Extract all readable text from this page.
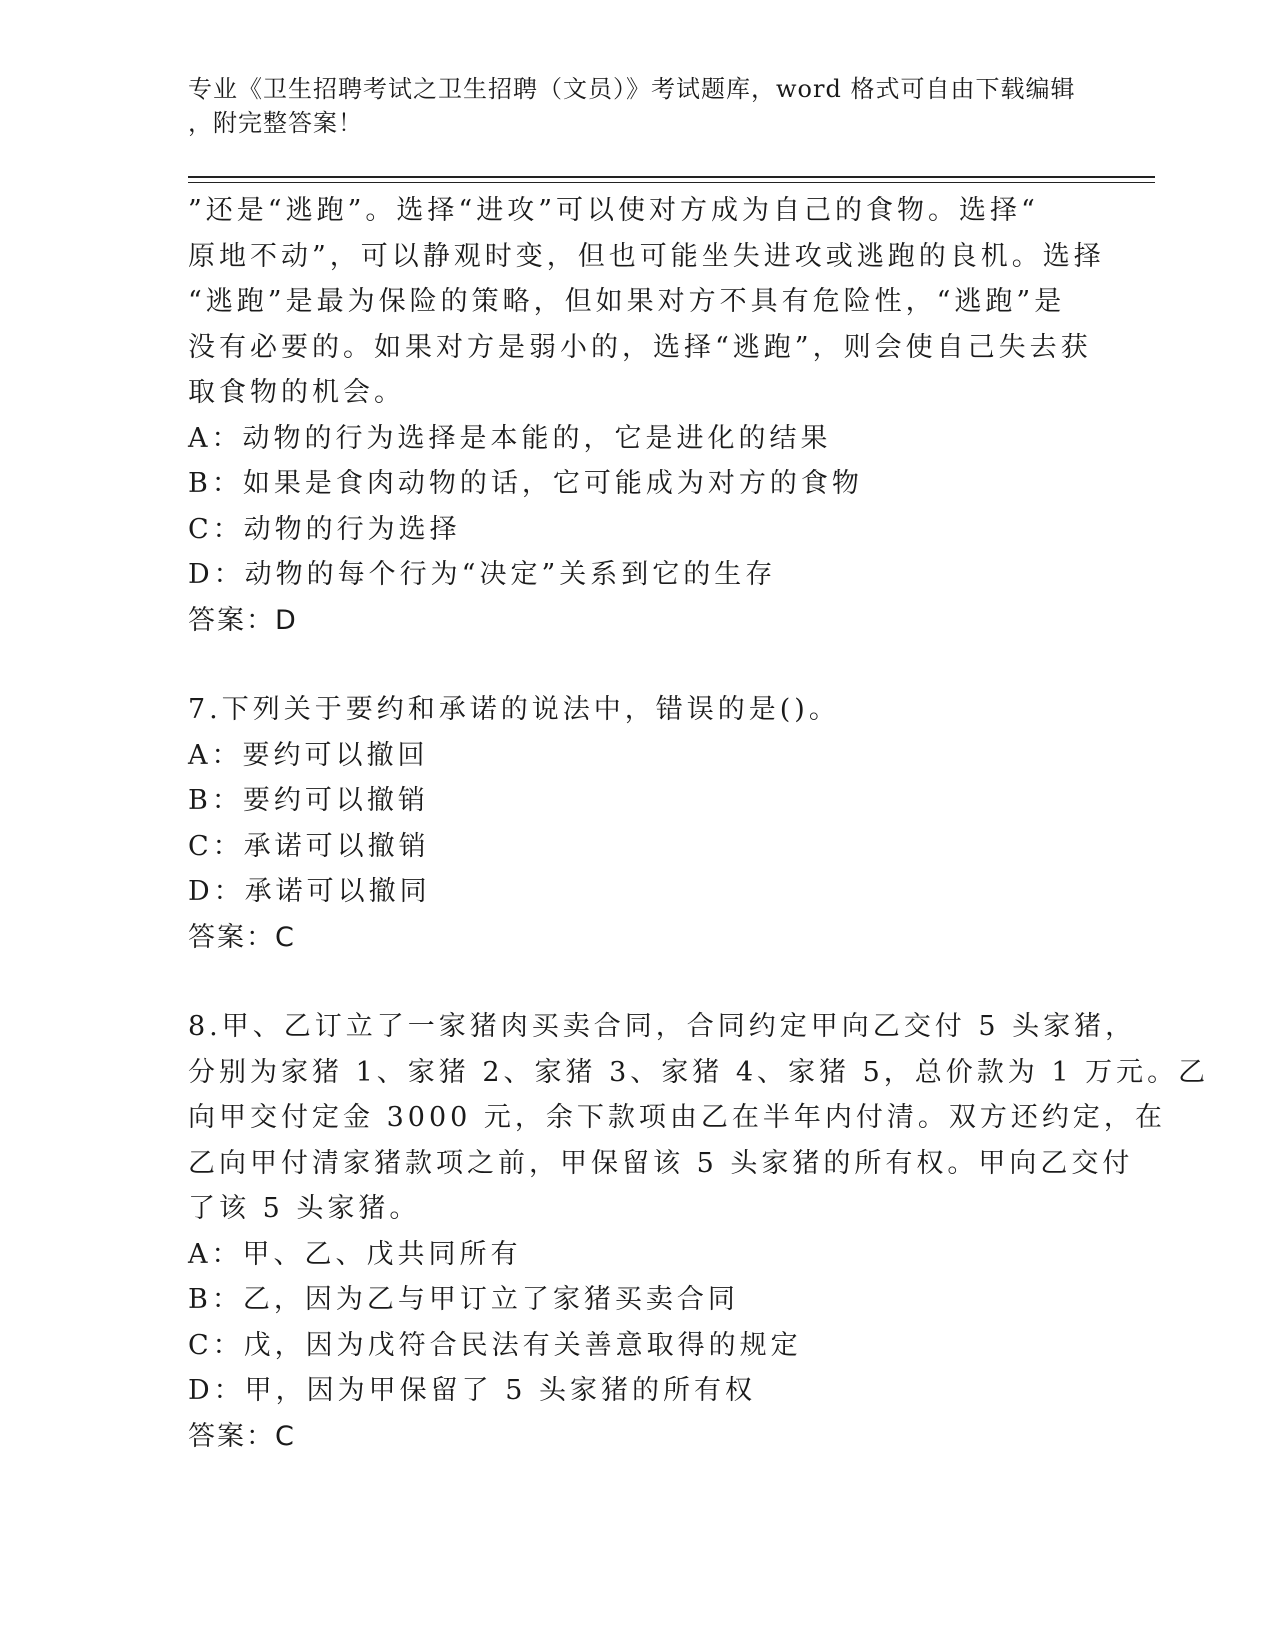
专业《卫生招聘考试之卫生招聘（文员）》考试题库，word 格式可自由下载编辑
，附完整答案！
”还是“逃跑”。选择“进攻”可以使对方成为自己的食物。选择“
原地不动”，可以静观时变，但也可能坐失进攻或逃跑的良机。选择
“逃跑”是最为保险的策略，但如果对方不具有危险性，“逃跑”是
没有必要的。如果对方是弱小的，选择“逃跑”，则会使自己失去获
取食物的机会。
A：动物的行为选择是本能的，它是进化的结果
B：如果是食肉动物的话，它可能成为对方的食物
C：动物的行为选择
D：动物的每个行为“决定”关系到它的生存
答案：D
7.下列关于要约和承诺的说法中，错误的是()。
A：要约可以撤回
B：要约可以撤销
C：承诺可以撤销
D：承诺可以撤同
答案：C
8.甲、乙订立了一家猪肉买卖合同，合同约定甲向乙交付 5 头家猪，
分别为家猪 1、家猪 2、家猪 3、家猪 4、家猪 5，总价款为 1 万元。乙
向甲交付定金 3000 元，余下款项由乙在半年内付清。双方还约定，在
乙向甲付清家猪款项之前，甲保留该 5 头家猪的所有权。甲向乙交付
了该 5 头家猪。
A：甲、乙、戊共同所有
B：乙，因为乙与甲订立了家猪买卖合同
C：戊，因为戊符合民法有关善意取得的规定
D：甲，因为甲保留了 5 头家猪的所有权
答案：C
